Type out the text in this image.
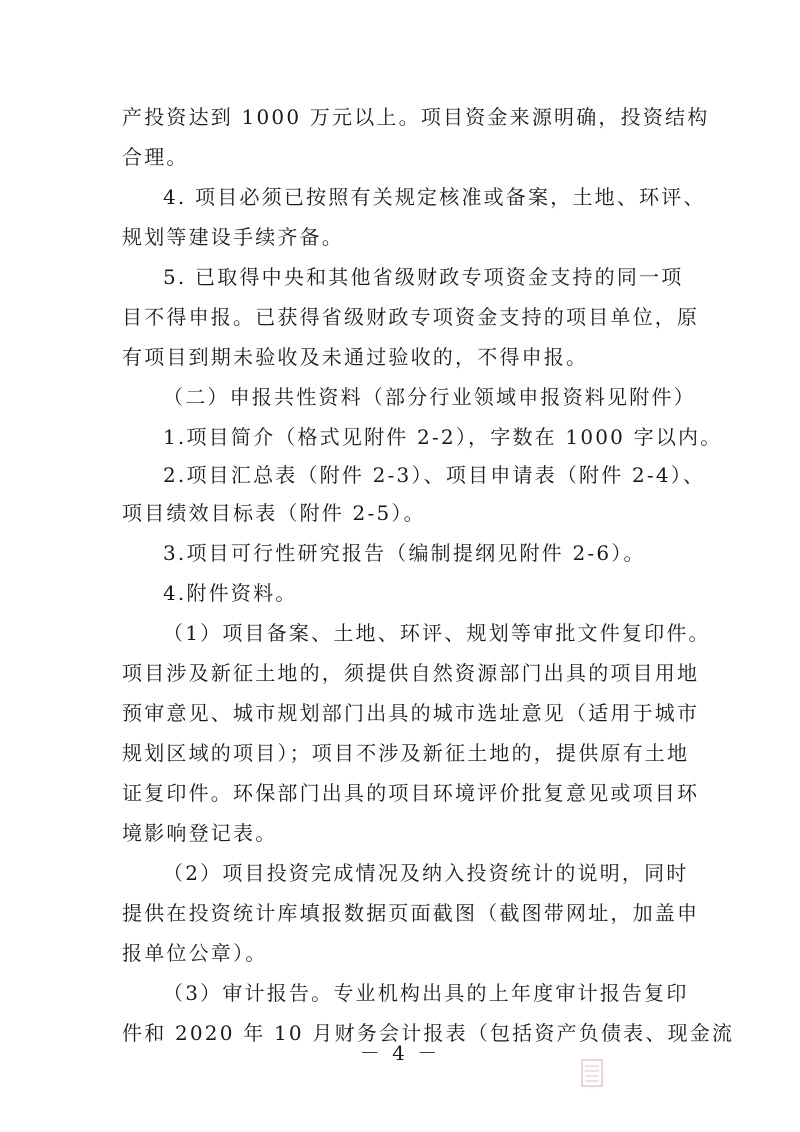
产投资达到 1000 万元以上。项目资金来源明确，投资结构
合理。
4. 项目必须已按照有关规定核准或备案，土地、环评、
规划等建设手续齐备。
5. 已取得中央和其他省级财政专项资金支持的同一项
目不得申报。已获得省级财政专项资金支持的项目单位，原
有项目到期未验收及未通过验收的，不得申报。
（二）申报共性资料（部分行业领域申报资料见附件）
1.项目简介（格式见附件 2-2），字数在 1000 字以内。
2.项目汇总表（附件 2-3）、项目申请表（附件 2-4）、
项目绩效目标表（附件 2-5）。
3.项目可行性研究报告（编制提纲见附件 2-6）。
4.附件资料。
（1）项目备案、土地、环评、规划等审批文件复印件。
项目涉及新征土地的，须提供自然资源部门出具的项目用地
预审意见、城市规划部门出具的城市选址意见（适用于城市
规划区域的项目）；项目不涉及新征土地的，提供原有土地
证复印件。环保部门出具的项目环境评价批复意见或项目环
境影响登记表。
（2）项目投资完成情况及纳入投资统计的说明，同时
提供在投资统计库填报数据页面截图（截图带网址，加盖申
报单位公章）。
（3）审计报告。专业机构出具的上年度审计报告复印
件和 2020 年 10 月财务会计报表（包括资产负债表、现金流
－ 4 －
